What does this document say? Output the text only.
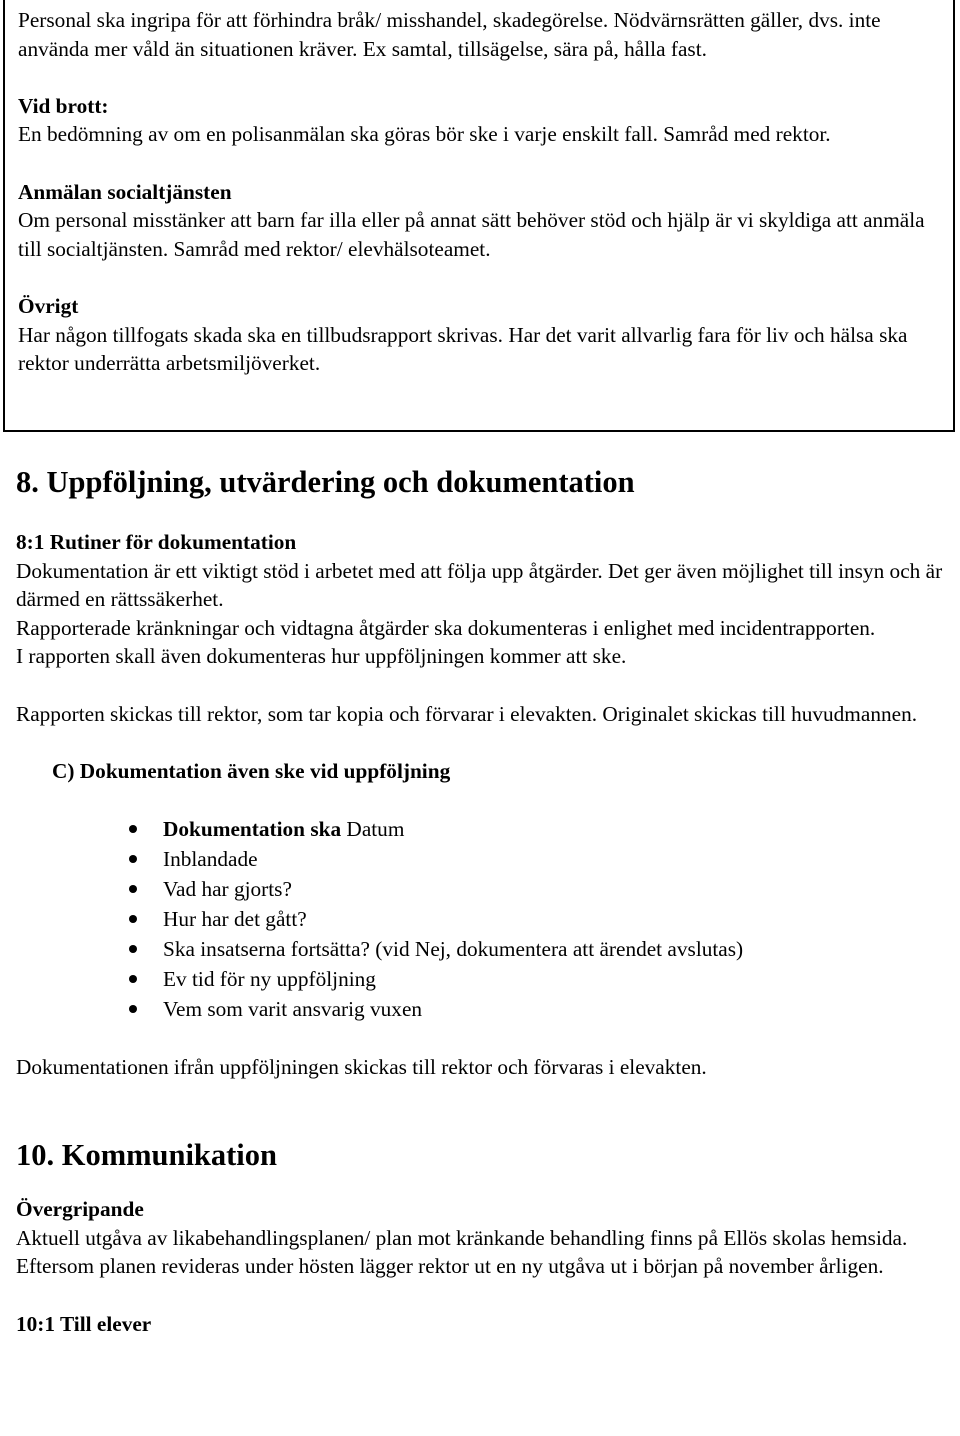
Personal ska ingripa för att förhindra bråk/ misshandel, skadegörelse. Nödvärnsrätten gäller, dvs. inte använda mer våld än situationen kräver. Ex samtal, tillsägelse, sära på, hålla fast.

Vid brott:

En bedömning av om en polisanmälan ska göras bör ske i varje enskilt fall. Samråd med rektor.

Anmälan socialtjänsten

Om personal misstänker att barn far illa eller på annat sätt behöver stöd och hjälp är vi skyldiga att anmäla till socialtjänsten. Samråd med rektor/ elevhälsoteamet.

Övrigt

Har någon tillfogats skada ska en tillbudsrapport skrivas. Har det varit allvarlig fara för liv och hälsa ska rektor underrätta arbetsmiljöverket.

8. Uppföljning, utvärdering och dokumentation

8:1 Rutiner för dokumentation

Dokumentation är ett viktigt stöd i arbetet med att följa upp åtgärder. Det ger även möjlighet till insyn och är därmed en rättssäkerhet.

Rapporterade kränkningar och vidtagna åtgärder ska dokumenteras i enlighet med incidentrapporten.

I rapporten skall även dokumenteras hur uppföljningen kommer att ske.

Rapporten skickas till rektor, som tar kopia och förvarar i elevakten. Originalet skickas till huvudmannen.

C) Dokumentation även ske vid uppföljning

Dokumentation ska Datum
Inblandade
Vad har gjorts?
Hur har det gått?
Ska insatserna fortsätta? (vid Nej, dokumentera att ärendet avslutas)
Ev tid för ny uppföljning
Vem som varit ansvarig vuxen

Dokumentationen ifrån uppföljningen skickas till rektor och förvaras i elevakten.

10. Kommunikation

Övergripande

Aktuell utgåva av likabehandlingsplanen/ plan mot kränkande behandling finns på Ellös skolas hemsida. Eftersom planen revideras under hösten lägger rektor ut en ny utgåva ut i början på november årligen.

10:1 Till elever
